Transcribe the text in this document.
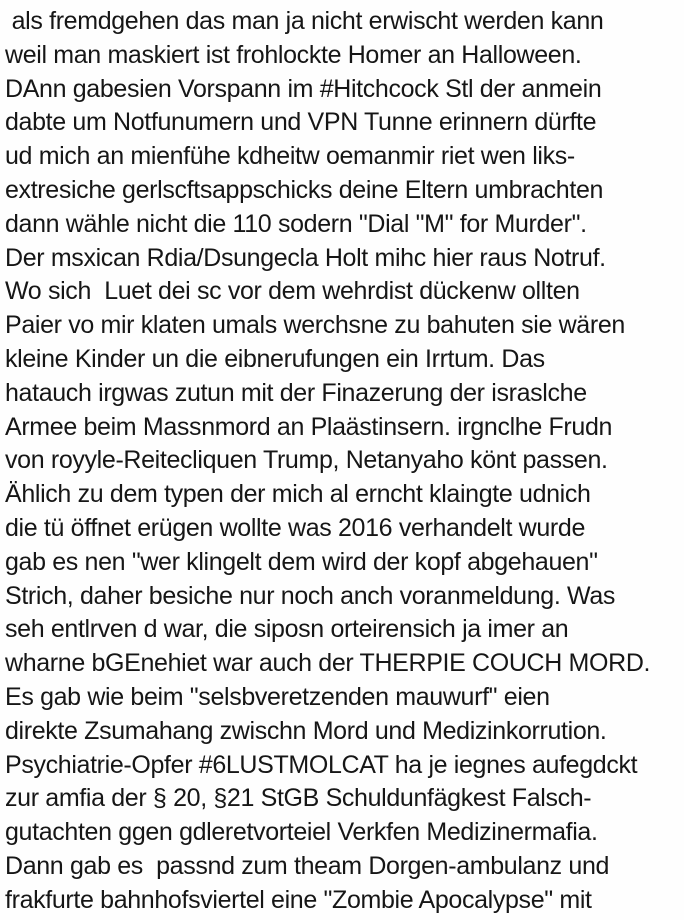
als fremdgehen das man ja nicht erwischt werden kann
weil man maskiert ist frohlockte Homer an Halloween.
DAnn gabesien Vorspann im #Hitchcock Stl der anmein
dabte um Notfunumern und VPN Tunne erinnern dürfte
ud mich an mienfühe kdheitw oemanmir riet wen liks-
extresiche gerlscftsappschicks deine Eltern umbrachten
dann wähle nicht die 110 sodern "Dial "M" for Murder".
Der msxican Rdia/Dsungecla Holt mihc hier raus Notruf.
Wo sich  Luet dei sc vor dem wehrdist dückenw ollten
Paier vo mir klaten umals werchsne zu bahuten sie wären
kleine Kinder un die eibnerufungen ein Irrtum. Das
hatauch irgwas zutun mit der Finazerung der israslche
Armee beim Massnmord an Plaästinsern. irgnclhe Frudn
von royyle-Reitecliquen Trump, Netanyaho könt passen.
Ählich zu dem typen der mich al erncht klaingte udnich
die tü öffnet erügen wollte was 2016 verhandelt wurde
gab es nen "wer klingelt dem wird der kopf abgehauen"
Strich, daher besiche nur noch anch voranmeldung. Was
seh entlrven d war, die siposn orteirensich ja imer an
wharne bGEnehiet war auch der THERPIE COUCH MORD.
Es gab wie beim "selsbveretzenden mauwurf" eien
direkte Zsumahang zwischn Mord und Medizinkorrution.
Psychiatrie-Opfer #6LUSTMOLCAT ha je iegnes aufegdckt
zur amfia der § 20, §21 StGB Schuldunfägkest Falsch-
gutachten ggen gdleretvorteiel Verkfen Medizinermafia.
Dann gab es  passnd zum theam Dorgen-ambulanz und
frakfurte bahnhofsviertel eine "Zombie Apocalypse" mit
